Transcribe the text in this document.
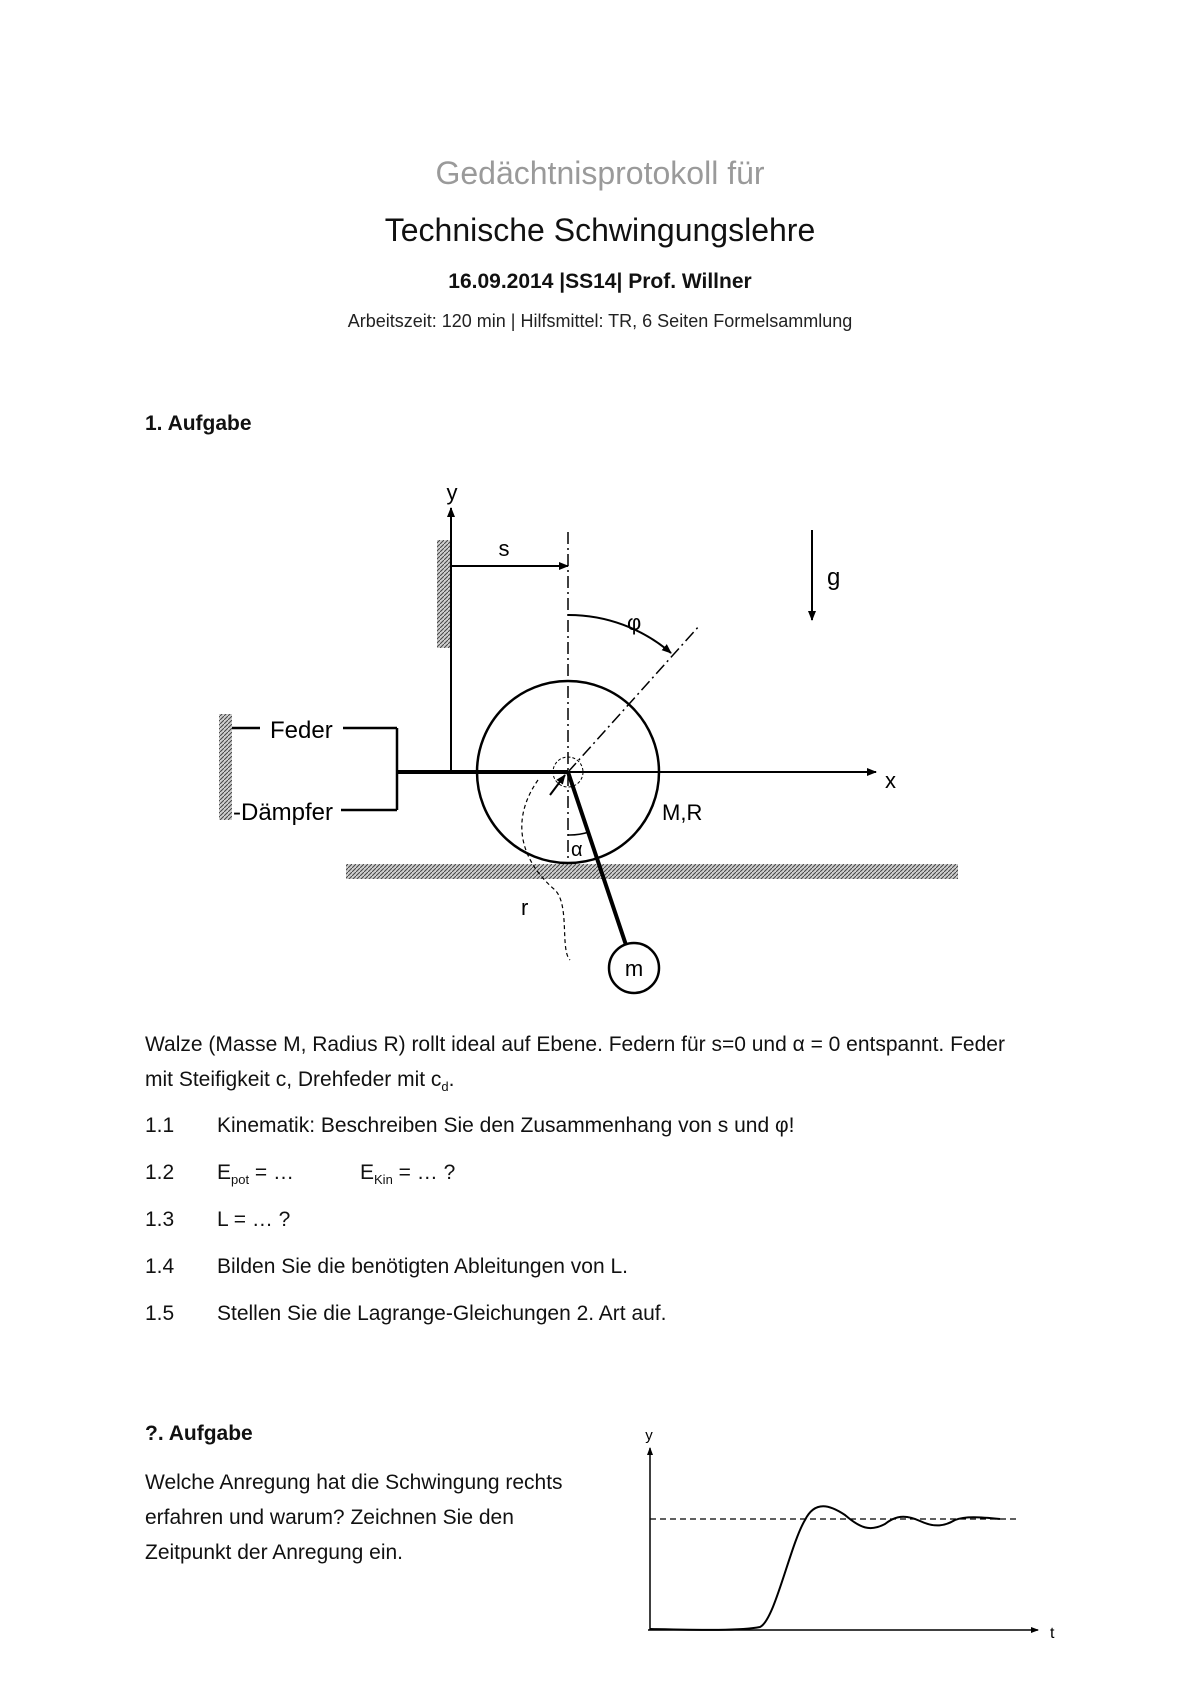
Gedächtnisprotokoll für
Technische Schwingungslehre
16.09.2014 |SS14| Prof. Willner
Arbeitszeit: 120 min | Hilfsmittel: TR, 6 Seiten Formelsammlung
1. Aufgabe
y
s
g
φ
Feder
-Dämpfer
x
M,R
α
r
m
Walze (Masse M, Radius R) rollt ideal auf Ebene. Federn für s=0 und α = 0 entspannt. Feder
mit Steifigkeit c, Drehfeder mit $c_d$.
1.1 Kinematik: Beschreiben Sie den Zusammenhang von s und φ!
1.2 $E_{pot}$ = …	$E_{Kin}$ = … ?
1.3 L = … ?
1.4 Bilden Sie die benötigten Ableitungen von L.
1.5 Stellen Sie die Lagrange-Gleichungen 2. Art auf.
?. Aufgabe
Welche Anregung hat die Schwingung rechts
erfahren und warum? Zeichnen Sie den
Zeitpunkt der Anregung ein.
y
t
